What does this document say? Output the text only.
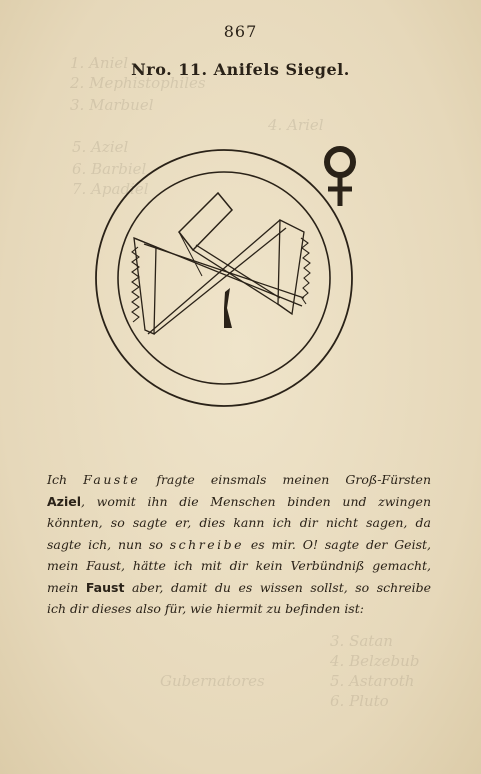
1. Aniel
2. Mephistophiles
3. Marbuel
4. Ariel
5. Aziel
6. Barbiel
7. Apadiel
3. Satan
4. Belzebub
5. Astaroth
6. Pluto
Gubernatores
867
Nro. 11. Anifels Siegel.
Ich Fauste fragte einsmals meinen Groß-Fürsten
Aziel, womit ihn die Menschen binden und zwingen
könnten, so sagte er, dies kann ich dir nicht sagen, da
sagte ich, nun so schreibe es mir. O! sagte der Geist,
mein Faust, hätte ich mit dir kein Verbündniß gemacht,
mein Faust aber, damit du es wissen sollst, so schreibe
ich dir dieses also für, wie hiermit zu befinden ist:
